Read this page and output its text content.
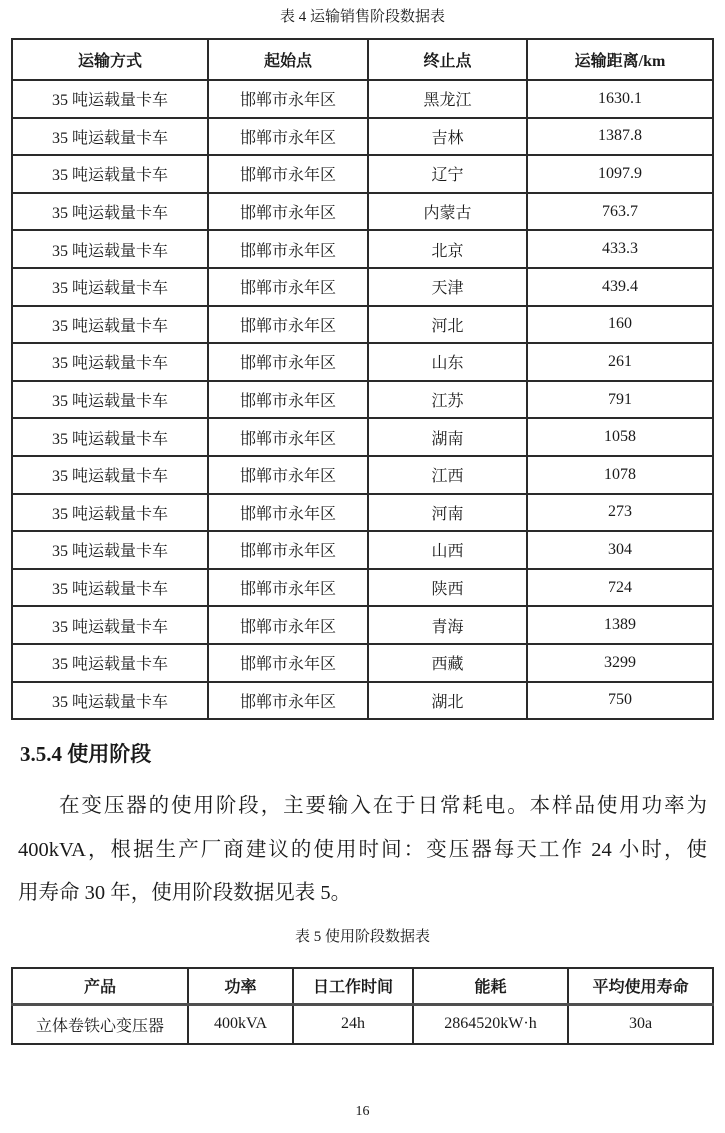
表 4 运输销售阶段数据表
运输方式	起始点	终止点	运输距离/km
35 吨运载量卡车	邯郸市永年区	黑龙江	1630.1
35 吨运载量卡车	邯郸市永年区	吉林	1387.8
35 吨运载量卡车	邯郸市永年区	辽宁	1097.9
35 吨运载量卡车	邯郸市永年区	内蒙古	763.7
35 吨运载量卡车	邯郸市永年区	北京	433.3
35 吨运载量卡车	邯郸市永年区	天津	439.4
35 吨运载量卡车	邯郸市永年区	河北	160
35 吨运载量卡车	邯郸市永年区	山东	261
35 吨运载量卡车	邯郸市永年区	江苏	791
35 吨运载量卡车	邯郸市永年区	湖南	1058
35 吨运载量卡车	邯郸市永年区	江西	1078
35 吨运载量卡车	邯郸市永年区	河南	273
35 吨运载量卡车	邯郸市永年区	山西	304
35 吨运载量卡车	邯郸市永年区	陕西	724
35 吨运载量卡车	邯郸市永年区	青海	1389
35 吨运载量卡车	邯郸市永年区	西藏	3299
35 吨运载量卡车	邯郸市永年区	湖北	750
3.5.4 使用阶段
在变压器的使用阶段，主要输入在于日常耗电。本样品使用功率为
400kVA，根据生产厂商建议的使用时间：变压器每天工作 24 小时，使
用寿命 30 年，使用阶段数据见表 5。
表 5 使用阶段数据表
产品	功率	日工作时间	能耗	平均使用寿命
立体卷铁心变压器	400kVA	24h	2864520kW·h	30a
16
